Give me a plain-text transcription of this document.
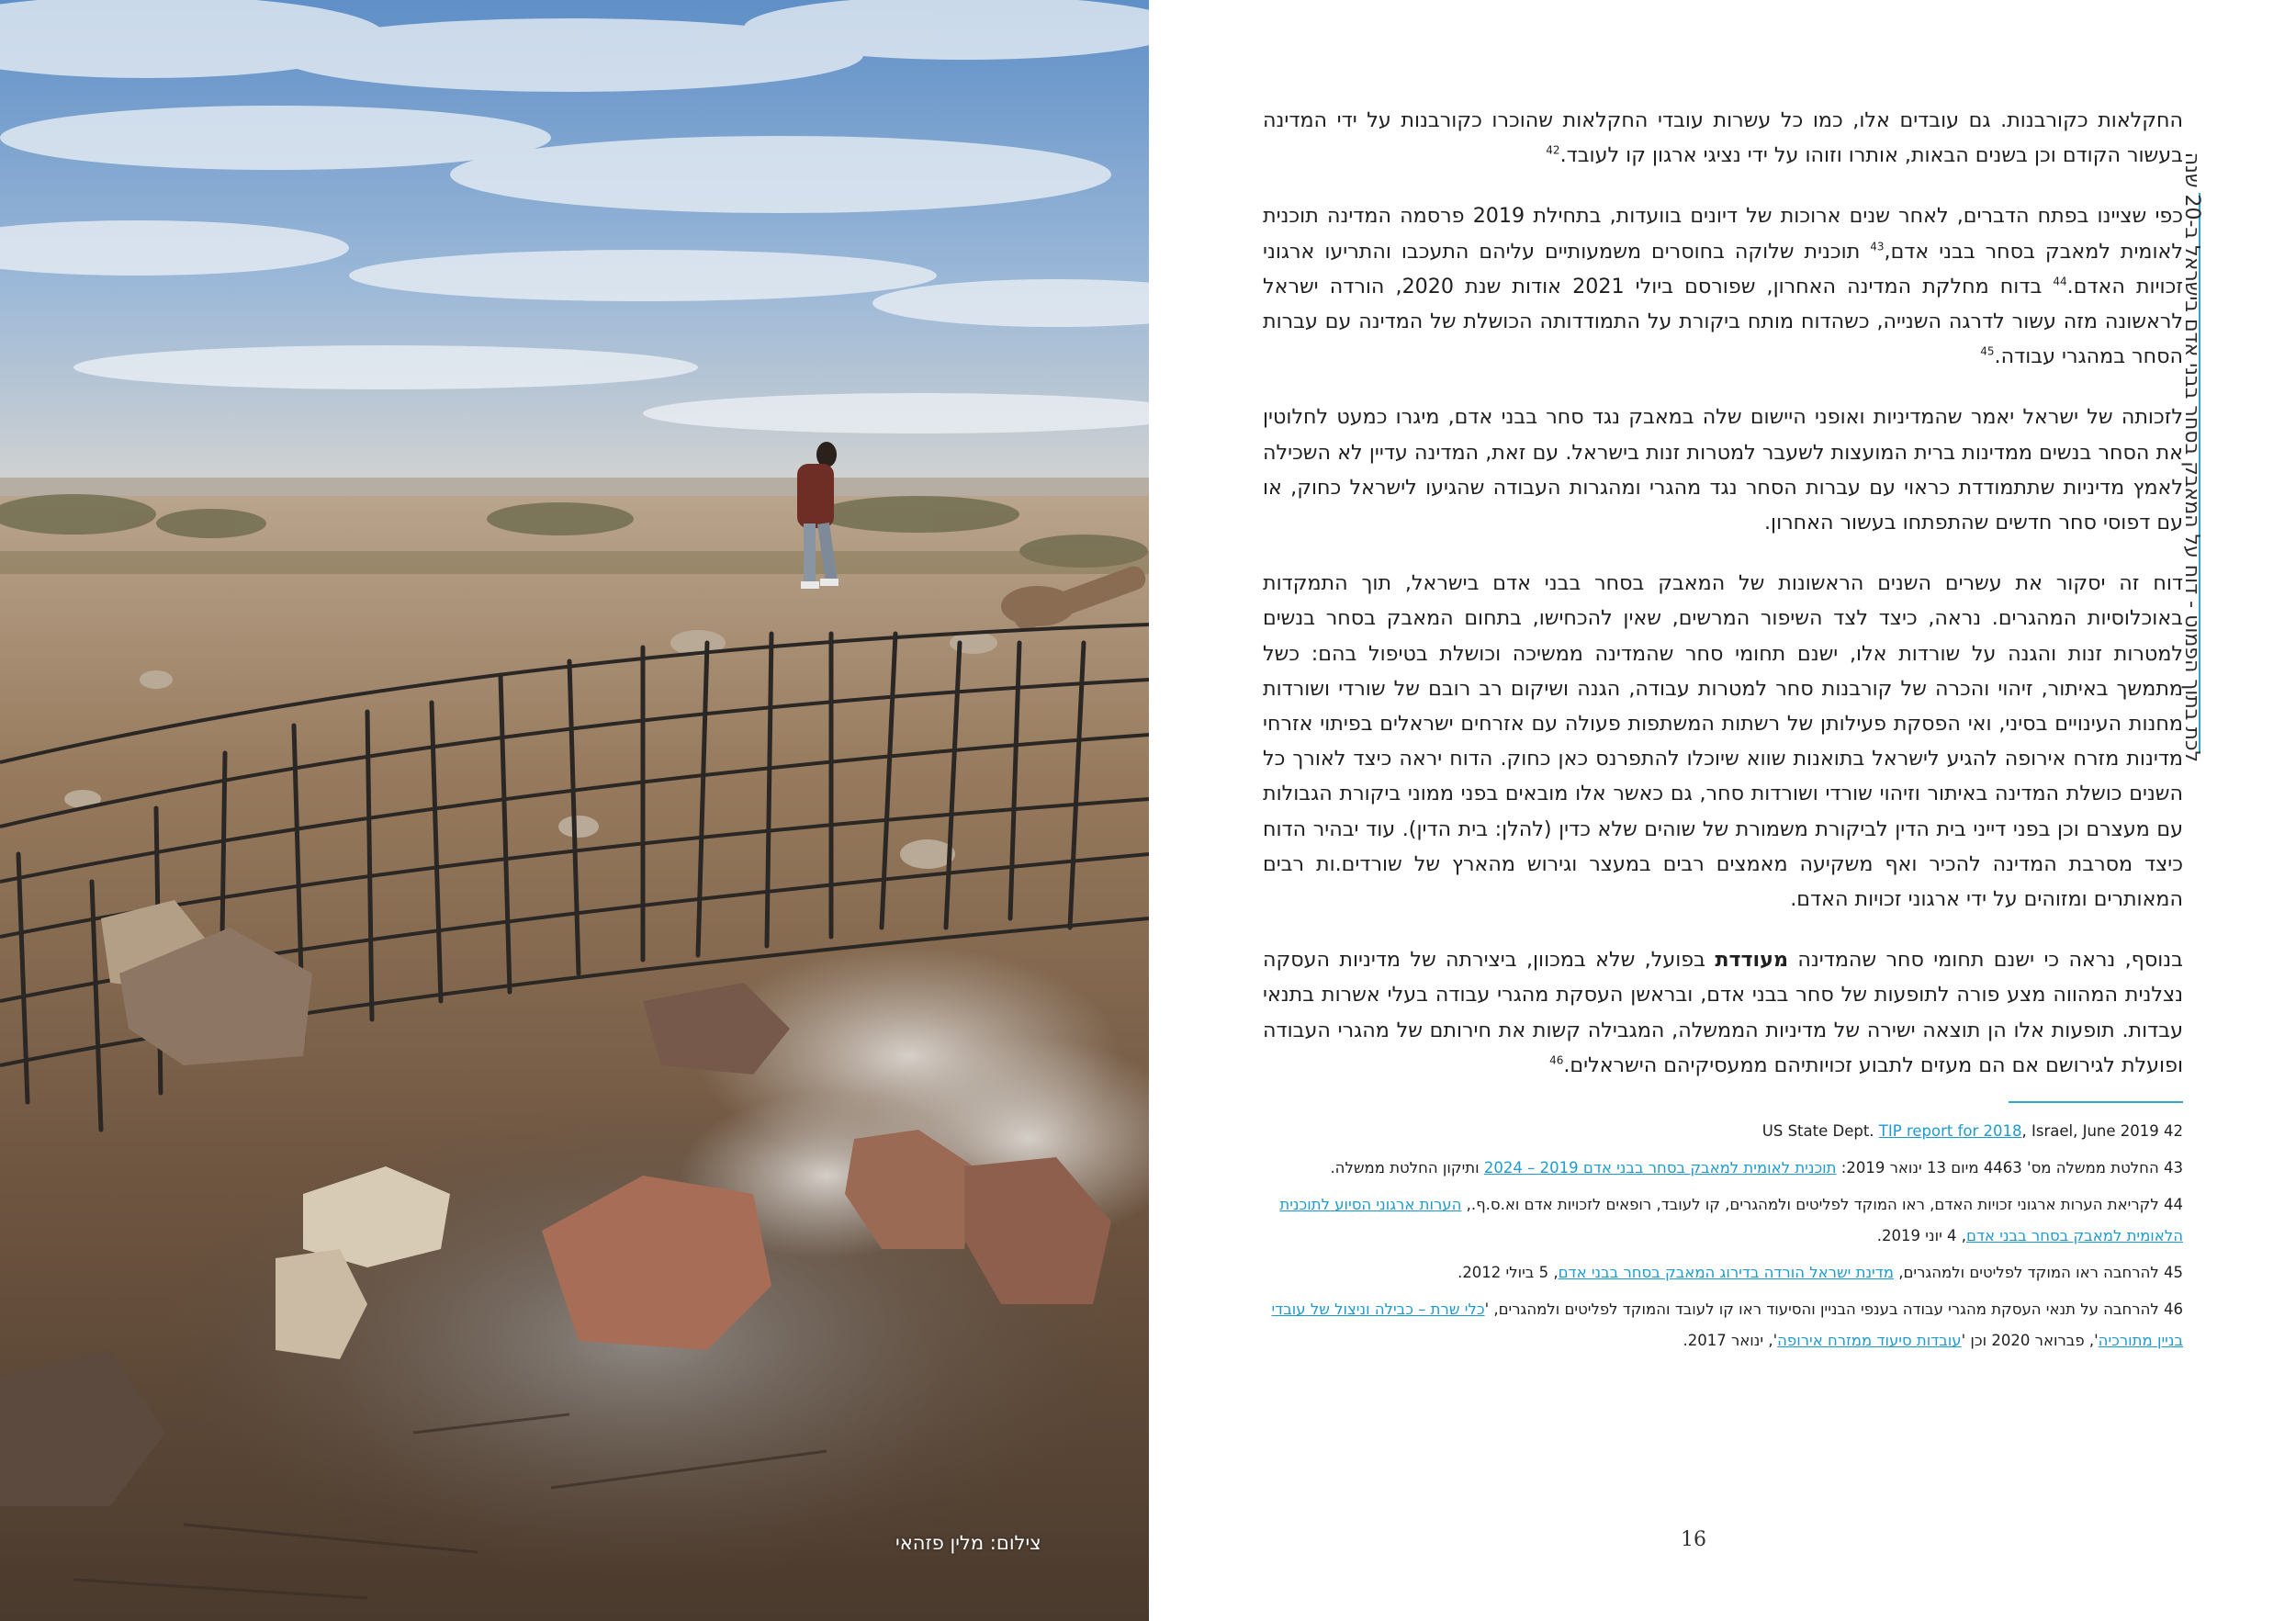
צילום: מלין פזהאי
לכת בתוך הפמוט - דוח על המאבק בסחר בבני אדם בישראל ב-20 שנה

החקלאות כקורבנות. גם עובדים אלו, כמו כל עשרות עובדי החקלאות שהוכרו כקורבנות על ידי המדינה בעשור הקודם וכן בשנים הבאות, אותרו וזוהו על ידי נציגי ארגון קו לעובד.$^{42}$

כפי שציינו בפתח הדברים, לאחר שנים ארוכות של דיונים בוועדות, בתחילת 2019 פרסמה המדינה תוכנית לאומית למאבק בסחר בבני אדם,$^{43}$ תוכנית שלוקה בחוסרים משמעותיים עליהם התעכבו והתריעו ארגוני זכויות האדם.$^{44}$ בדוח מחלקת המדינה האחרון, שפורסם ביולי 2021 אודות שנת 2020, הורדה ישראל לראשונה מזה עשור לדרגה השנייה, כשהדוח מותח ביקורת על התמודדותה הכושלת של המדינה עם עברות הסחר במהגרי עבודה.$^{45}$

לזכותה של ישראל יאמר שהמדיניות ואופני היישום שלה במאבק נגד סחר בבני אדם, מיגרו כמעט לחלוטין את הסחר בנשים ממדינות ברית המועצות לשעבר למטרות זנות בישראל. עם זאת, המדינה עדיין לא השכילה לאמץ מדיניות שתתמודדת כראוי עם עברות הסחר נגד מהגרי ומהגרות העבודה שהגיעו לישראל כחוק, או עם דפוסי סחר חדשים שהתפתחו בעשור האחרון.

דוח זה יסקור את עשרים השנים הראשונות של המאבק בסחר בבני אדם בישראל, תוך התמקדות באוכלוסיות המהגרים. נראה, כיצד לצד השיפור המרשים, שאין להכחישו, בתחום המאבק בסחר בנשים למטרות זנות והגנה על שורדות אלו, ישנם תחומי סחר שהמדינה ממשיכה וכושלת בטיפול בהם: כשל מתמשך באיתור, זיהוי והכרה של קורבנות סחר למטרות עבודה, הגנה ושיקום רב רובם של שורדי ושורדות מחנות העינויים בסיני, ואי הפסקת פעילותן של רשתות המשתפות פעולה עם אזרחים ישראלים בפיתוי אזרחי מדינות מזרח אירופה להגיע לישראל בתואנות שווא שיוכלו להתפרנס כאן כחוק. הדוח יראה כיצד לאורך כל השנים כושלת המדינה באיתור וזיהוי שורדי ושורדות סחר, גם כאשר אלו מובאים בפני ממוני ביקורת הגבולות עם מעצרם וכן בפני דייני בית הדין לביקורת משמורת של שוהים שלא כדין (להלן: בית הדין). עוד יבהיר הדוח כיצד מסרבת המדינה להכיר ואף משקיעה מאמצים רבים במעצר וגירוש מהארץ של שורדים.ות רבים המאותרים ומזוהים על ידי ארגוני זכויות האדם.

בנוסף, נראה כי ישנם תחומי סחר שהמדינה מעודדת בפועל, שלא במכוון, ביצירתה של מדיניות העסקה נצלנית המהווה מצע פורה לתופעות של סחר בבני אדם, ובראשן העסקת מהגרי עבודה בעלי אשרות בתנאי עבדות. תופעות אלו הן תוצאה ישירה של מדיניות הממשלה, המגבילה קשות את חירותם של מהגרי העבודה ופועלת לגירושם אם הם מעזים לתבוע זכויותיהם ממעסיקיהם הישראלים.$^{46}$

42 US State Dept. TIP report for 2018, Israel, June 2019
43 החלטת ממשלה מס' 4463 מיום 13 ינואר 2019: תוכנית לאומית למאבק בסחר בבני אדם 2019 – 2024 ותיקון החלטת ממשלה.
44 לקריאת הערות ארגוני זכויות האדם, ראו המוקד לפליטים ולמהגרים, קו לעובד, רופאים לזכויות אדם וא.ס.ף., הערות ארגוני הסיוע לתוכנית הלאומית למאבק בסחר בבני אדם, 4 יוני 2019.
45 להרחבה ראו המוקד לפליטים ולמהגרים, מדינת ישראל הורדה בדירוג המאבק בסחר בבני אדם, 5 ביולי 2012.
46 להרחבה על תנאי העסקת מהגרי עבודה בענפי הבניין והסיעוד ראו קו לעובד והמוקד לפליטים ולמהגרים, 'כלי שרת – כבילה וניצול של עובדי בניין מתורכיה', פברואר 2020 וכן 'עובדות סיעוד ממזרח אירופה', ינואר 2017.
16
